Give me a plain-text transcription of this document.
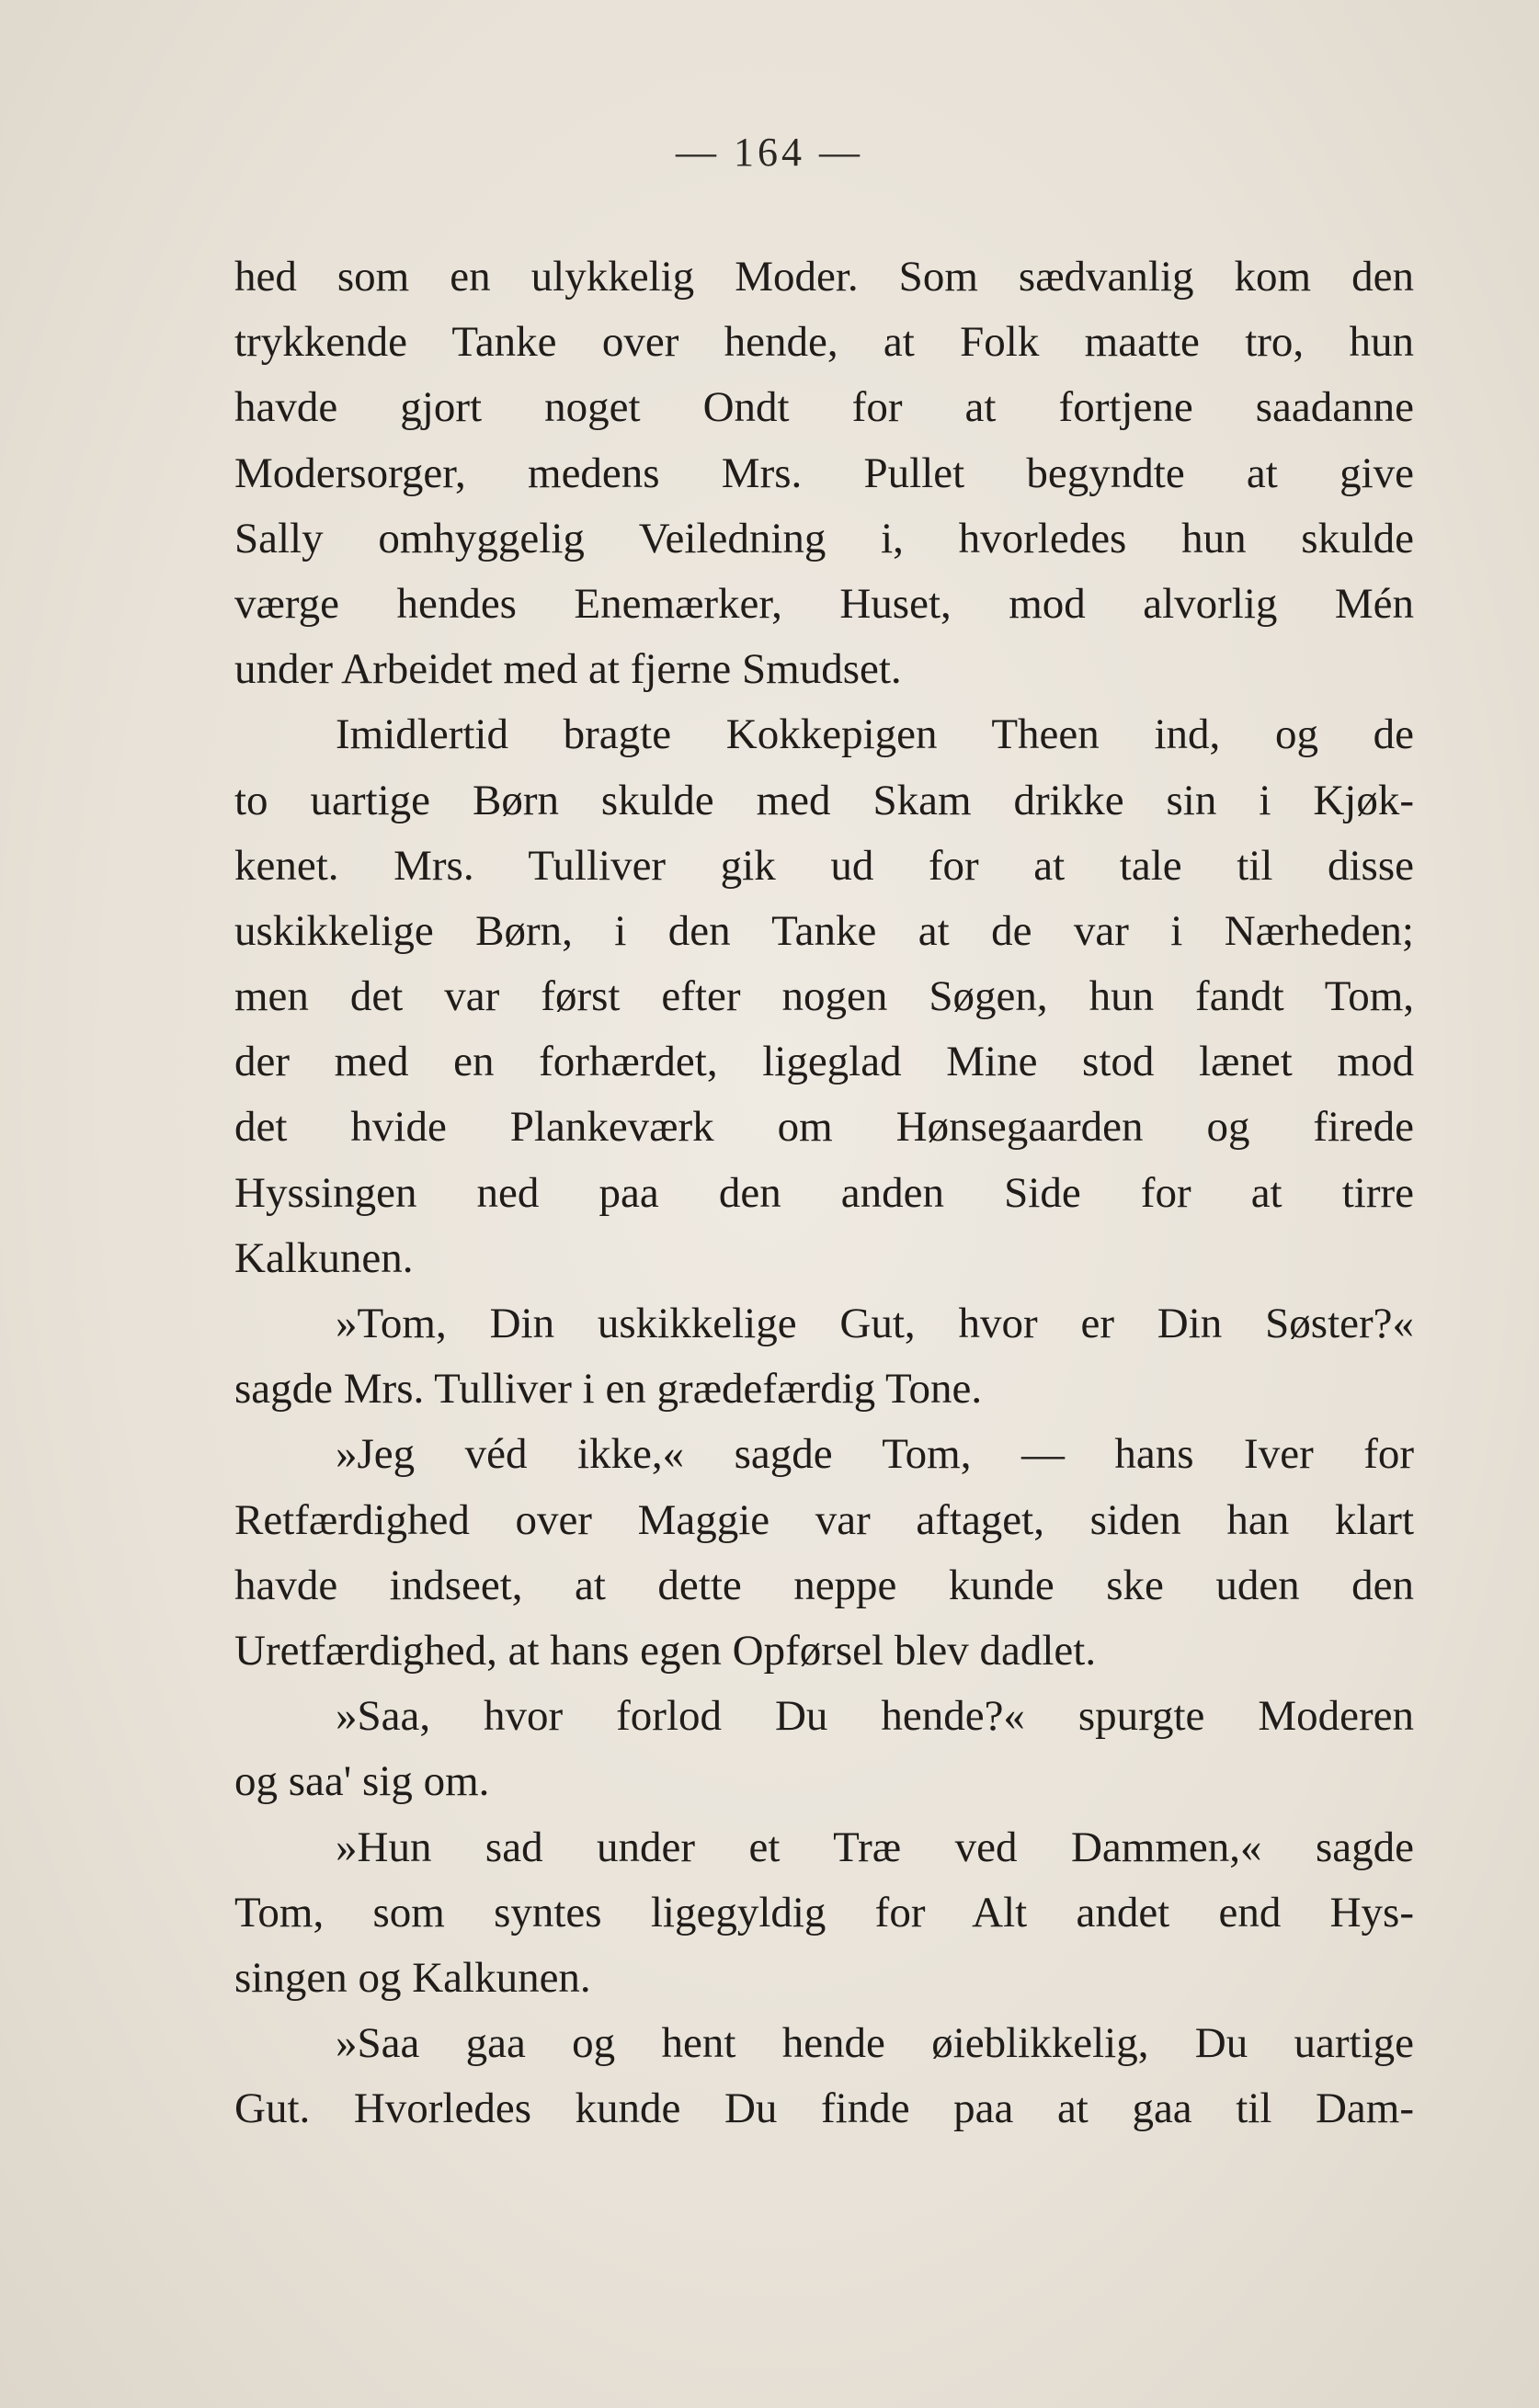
— 164 —
hed som en ulykkelig Moder. Som sædvanlig kom den
trykkende Tanke over hende, at Folk maatte tro, hun
havde gjort noget Ondt for at fortjene saadanne
Modersorger, medens Mrs. Pullet begyndte at give
Sally omhyggelig Veiledning i, hvorledes hun skulde
værge hendes Enemærker, Huset, mod alvorlig Mén
under Arbeidet med at fjerne Smudset.
Imidlertid bragte Kokkepigen Theen ind, og de
to uartige Børn skulde med Skam drikke sin i Kjøk-
kenet. Mrs. Tulliver gik ud for at tale til disse
uskikkelige Børn, i den Tanke at de var i Nærheden;
men det var først efter nogen Søgen, hun fandt Tom,
der med en forhærdet, ligeglad Mine stod lænet mod
det hvide Plankeværk om Hønsegaarden og firede
Hyssingen ned paa den anden Side for at tirre
Kalkunen.
»Tom, Din uskikkelige Gut, hvor er Din Søster?«
sagde Mrs. Tulliver i en grædefærdig Tone.
»Jeg véd ikke,« sagde Tom, — hans Iver for
Retfærdighed over Maggie var aftaget, siden han klart
havde indseet, at dette neppe kunde ske uden den
Uretfærdighed, at hans egen Opførsel blev dadlet.
»Saa, hvor forlod Du hende?« spurgte Moderen
og saa' sig om.
»Hun sad under et Træ ved Dammen,« sagde
Tom, som syntes ligegyldig for Alt andet end Hys-
singen og Kalkunen.
»Saa gaa og hent hende øieblikkelig, Du uartige
Gut. Hvorledes kunde Du finde paa at gaa til Dam-
